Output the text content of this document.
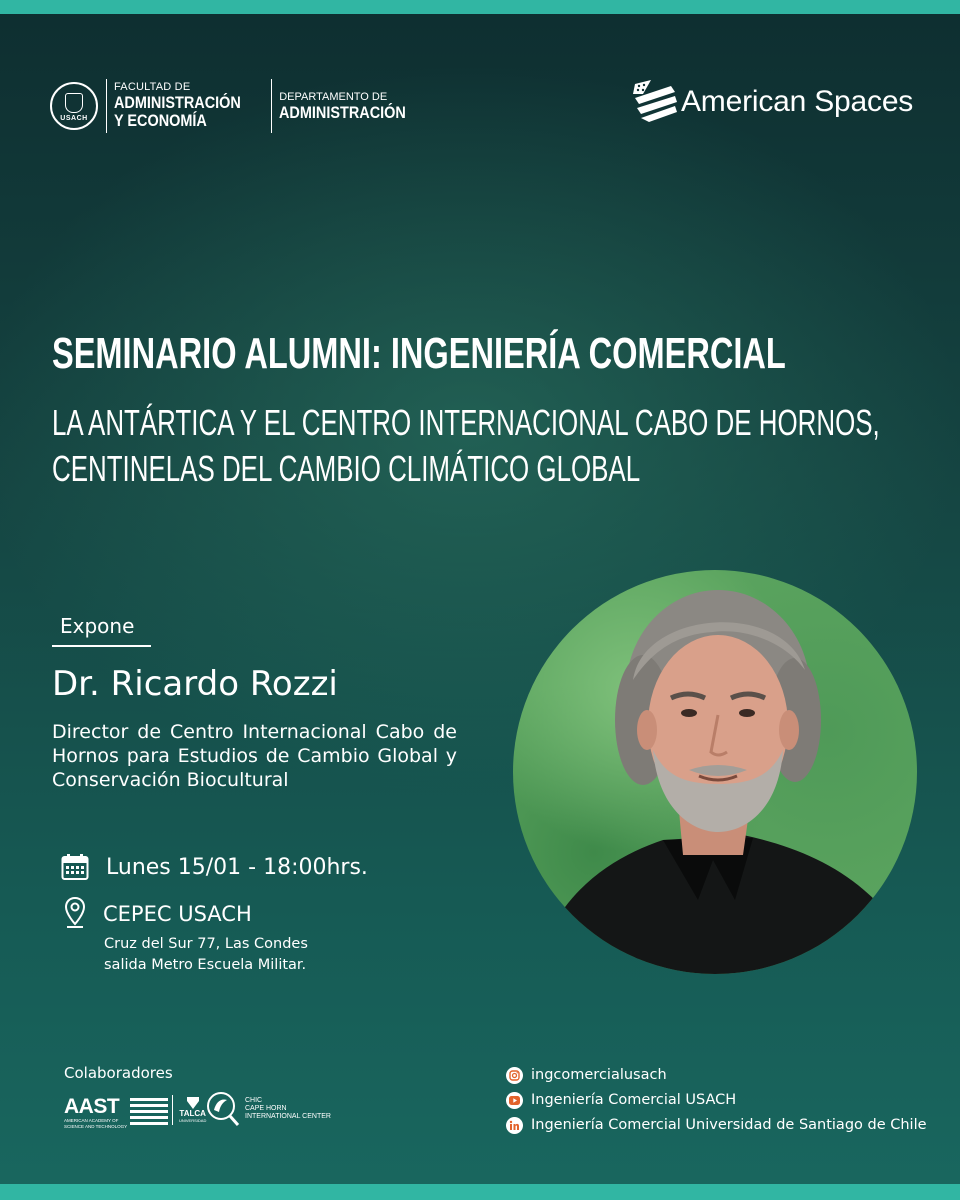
USACH
FACULTAD DE
ADMINISTRACIÓN
Y ECONOMÍA
DEPARTAMENTO DE
ADMINISTRACIÓN	American Spaces
SEMINARIO ALUMNI: INGENIERÍA COMERCIAL
LA ANTÁRTICA Y EL CENTRO INTERNACIONAL CABO DE HORNOS,
CENTINELAS DEL CAMBIO CLIMÁTICO GLOBAL
Expone
Dr. Ricardo Rozzi
Director de Centro Internacional Cabo de Hornos para Estudios de Cambio Global y Conservación Biocultural
Lunes 15/01 - 18:00hrs.
CEPEC USACH
Cruz del Sur 77, Las Condes
salida Metro Escuela Militar.
Colaboradores
AAST
AMERICAN ACADEMY OF
SCIENCE AND TECHNOLOGY
TALCA
UNIVERSIDAD
CHIC
CAPE HORN
INTERNATIONAL CENTER
ingcomercialusach
Ingeniería Comercial USACH
Ingeniería Comercial Universidad de Santiago de Chile
